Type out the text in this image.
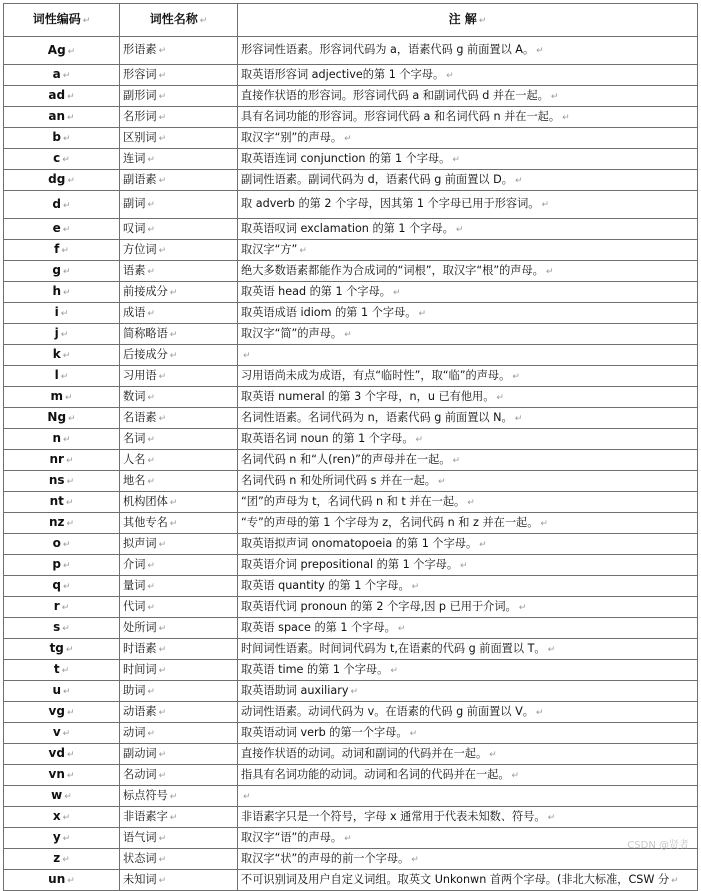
词性编码 ↵	词性名称 ↵	注 解 ↵
Ag ↵	形语素 ↵	形容词性语素。形容词代码为 a，语素代码 g 前面置以 A。 ↵
a ↵	形容词 ↵	取英语形容词 adjective的第 1 个字母。 ↵
ad ↵	副形词 ↵	直接作状语的形容词。形容词代码 a 和副词代码 d 并在一起。 ↵
an ↵	名形词 ↵	具有名词功能的形容词。形容词代码 a 和名词代码 n 并在一起。 ↵
b ↵	区别词 ↵	取汉字“别”的声母。 ↵
c ↵	连词 ↵	取英语连词 conjunction 的第 1 个字母。 ↵
dg ↵	副语素 ↵	副词性语素。副词代码为 d，语素代码 g 前面置以 D。 ↵
d ↵	副词 ↵	取 adverb 的第 2 个字母，因其第 1 个字母已用于形容词。 ↵
e ↵	叹词 ↵	取英语叹词 exclamation 的第 1 个字母。 ↵
f ↵	方位词 ↵	取汉字“方” ↵
g ↵	语素 ↵	绝大多数语素都能作为合成词的“词根”，取汉字“根”的声母。 ↵
h ↵	前接成分 ↵	取英语 head 的第 1 个字母。 ↵
i ↵	成语 ↵	取英语成语 idiom 的第 1 个字母。 ↵
j ↵	简称略语 ↵	取汉字“简”的声母。 ↵
k ↵	后接成分 ↵	↵
l ↵	习用语 ↵	习用语尚未成为成语，有点“临时性”，取“临”的声母。 ↵
m ↵	数词 ↵	取英语 numeral 的第 3 个字母，n，u 已有他用。 ↵
Ng ↵	名语素 ↵	名词性语素。名词代码为 n，语素代码 g 前面置以 N。 ↵
n ↵	名词 ↵	取英语名词 noun 的第 1 个字母。 ↵
nr ↵	人名 ↵	名词代码 n 和“人(ren)”的声母并在一起。 ↵
ns ↵	地名 ↵	名词代码 n 和处所词代码 s 并在一起。 ↵
nt ↵	机构团体 ↵	“团”的声母为 t，名词代码 n 和 t 并在一起。 ↵
nz ↵	其他专名 ↵	“专”的声母的第 1 个字母为 z，名词代码 n 和 z 并在一起。 ↵
o ↵	拟声词 ↵	取英语拟声词 onomatopoeia 的第 1 个字母。 ↵
p ↵	介词 ↵	取英语介词 prepositional 的第 1 个字母。 ↵
q ↵	量词 ↵	取英语 quantity 的第 1 个字母。 ↵
r ↵	代词 ↵	取英语代词 pronoun 的第 2 个字母,因 p 已用于介词。 ↵
s ↵	处所词 ↵	取英语 space 的第 1 个字母。 ↵
tg ↵	时语素 ↵	时间词性语素。时间词代码为 t,在语素的代码 g 前面置以 T。 ↵
t ↵	时间词 ↵	取英语 time 的第 1 个字母。 ↵
u ↵	助词 ↵	取英语助词 auxiliary ↵
vg ↵	动语素 ↵	动词性语素。动词代码为 v。在语素的代码 g 前面置以 V。 ↵
v ↵	动词 ↵	取英语动词 verb 的第一个字母。 ↵
vd ↵	副动词 ↵	直接作状语的动词。动词和副词的代码并在一起。 ↵
vn ↵	名动词 ↵	指具有名词功能的动词。动词和名词的代码并在一起。 ↵
w ↵	标点符号 ↵	↵
x ↵	非语素字 ↵	非语素字只是一个符号，字母 x 通常用于代表未知数、符号。 ↵
y ↵	语气词 ↵	取汉字“语”的声母。 ↵
z ↵	状态词 ↵	取汉字“状”的声母的前一个字母。 ↵
un ↵	未知词 ↵	不可识别词及用户自定义词组。取英文 Unkonwn 首两个字母。(非北大标准，CSW 分 ↵
CSDN @贤者
